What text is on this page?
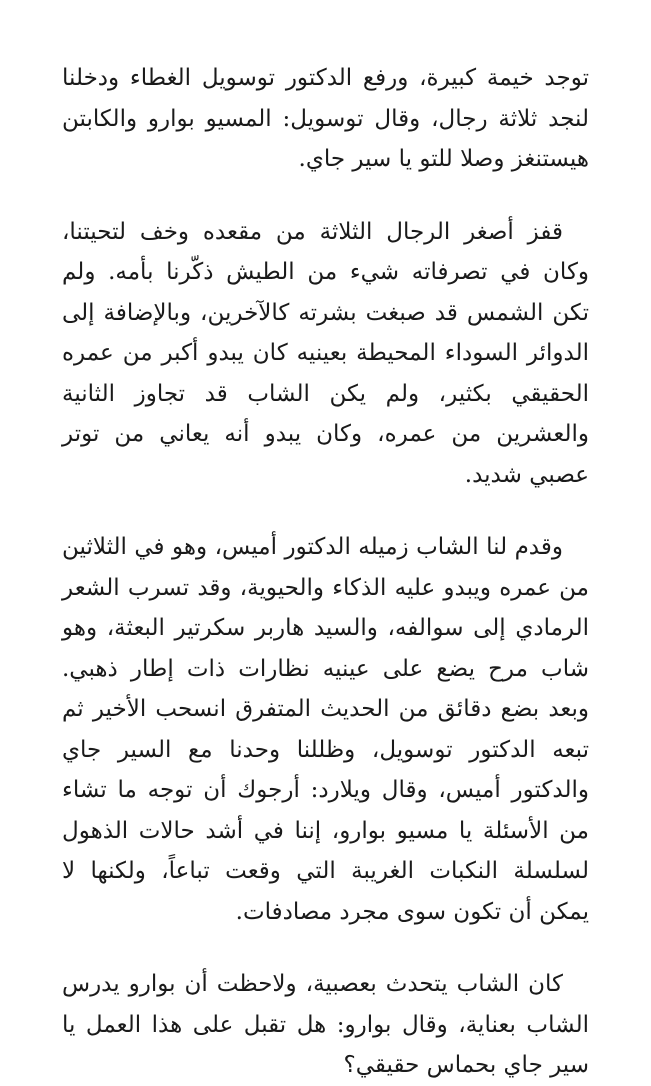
توجد خيمة كبيرة، ورفع الدكتور توسويل الغطاء ودخلنا لنجد ثلاثة رجال، وقال توسويل: المسيو بوارو والكابتن هيستنغز وصلا للتو يا سير جاي.

قفز أصغر الرجال الثلاثة من مقعده وخف لتحيتنا، وكان في تصرفاته شيء من الطيش ذكّرنا بأمه. ولم تكن الشمس قد صبغت بشرته كالآخرين، وبالإضافة إلى الدوائر السوداء المحيطة بعينيه كان يبدو أكبر من عمره الحقيقي بكثير، ولم يكن الشاب قد تجاوز الثانية والعشرين من عمره، وكان يبدو أنه يعاني من توتر عصبي شديد.

وقدم لنا الشاب زميله الدكتور أميس، وهو في الثلاثين من عمره ويبدو عليه الذكاء والحيوية، وقد تسرب الشعر الرمادي إلى سوالفه، والسيد هاربر سكرتير البعثة، وهو شاب مرح يضع على عينيه نظارات ذات إطار ذهبي. وبعد بضع دقائق من الحديث المتفرق انسحب الأخير ثم تبعه الدكتور توسويل، وظللنا وحدنا مع السير جاي والدكتور أميس، وقال ويلارد: أرجوك أن توجه ما تشاء من الأسئلة يا مسيو بوارو، إننا في أشد حالات الذهول لسلسلة النكبات الغريبة التي وقعت تباعاً، ولكنها لا يمكن أن تكون سوى مجرد مصادفات.

كان الشاب يتحدث بعصبية، ولاحظت أن بوارو يدرس الشاب بعناية، وقال بوارو: هل تقبل على هذا العمل يا سير جاي بحماس حقيقي؟
